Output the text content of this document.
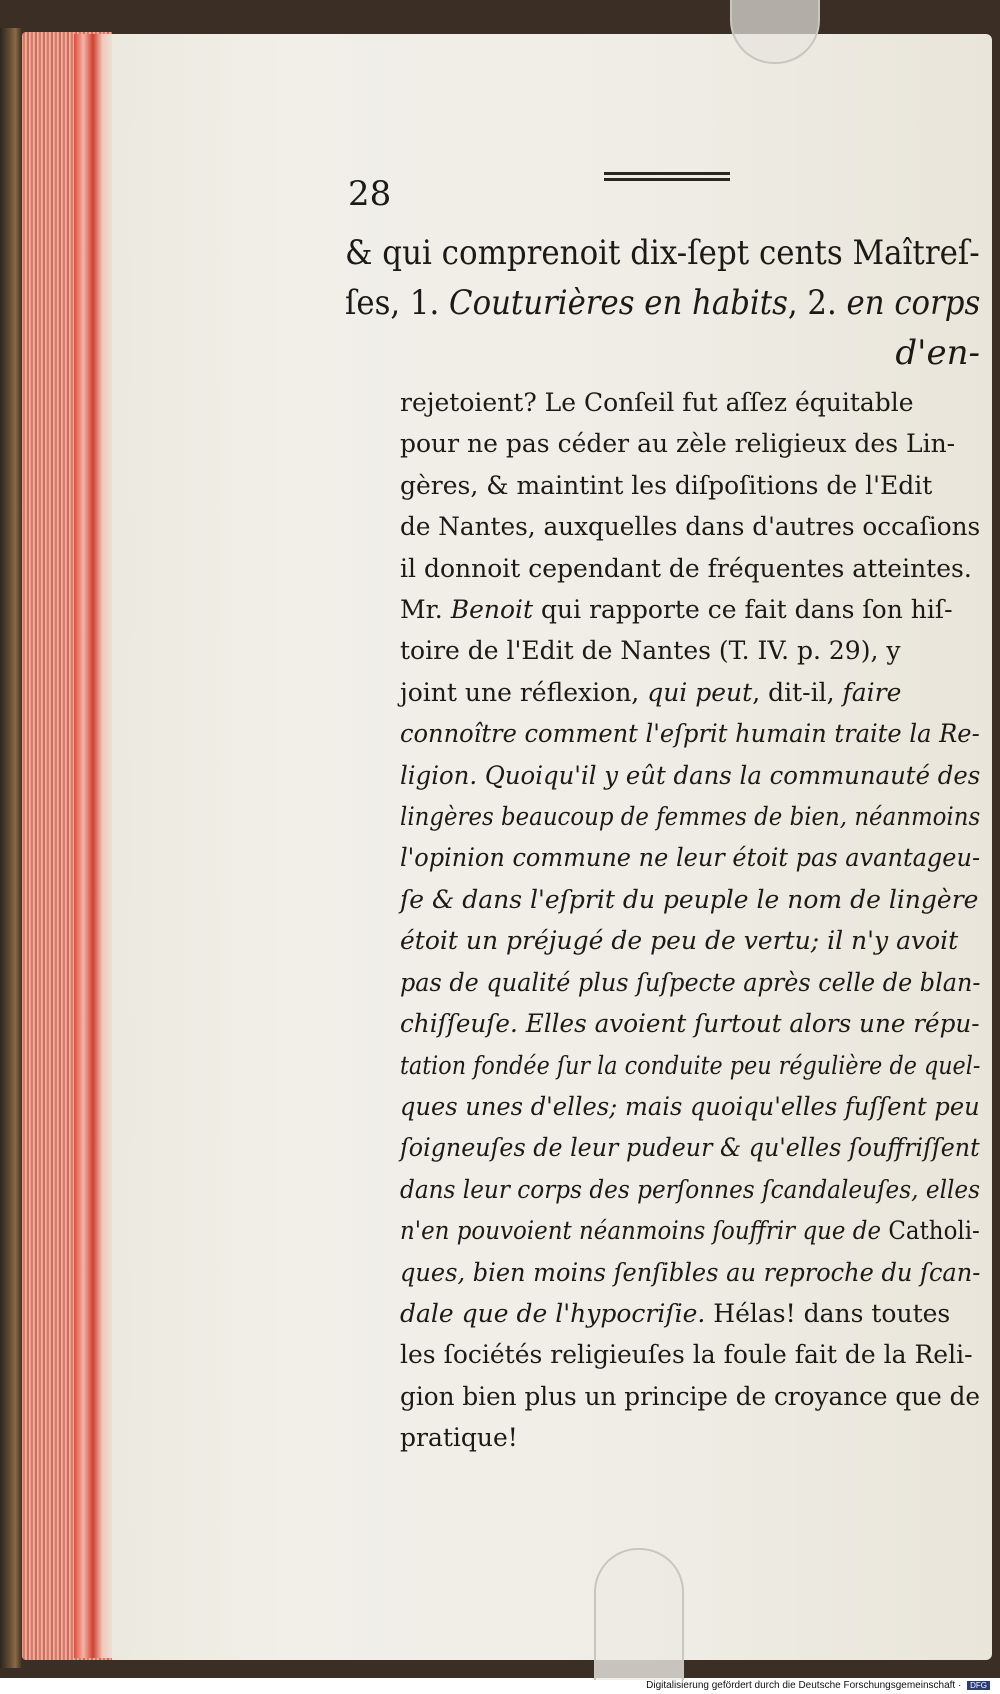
28
& qui comprenoit dix-ſept cents Maîtreſ-
ſes, 1. Couturières en habits, 2. en corps
d'en-
rejetoient? Le Conſeil fut aſſez équitable
pour ne pas céder au zèle religieux des Lin-
gères, & maintint les diſpoſitions de l'Edit
de Nantes, auxquelles dans d'autres occaſions
il donnoit cependant de fréquentes atteintes.
Mr. Benoit qui rapporte ce fait dans ſon hiſ-
toire de l'Edit de Nantes (T. IV. p. 29), y
joint une réflexion, qui peut, dit-il, faire
connoître comment l'eſprit humain traite la Re-
ligion. Quoiqu'il y eût dans la communauté des
lingères beaucoup de femmes de bien, néanmoins
l'opinion commune ne leur étoit pas avantageu-
ſe & dans l'eſprit du peuple le nom de lingère
étoit un préjugé de peu de vertu; il n'y avoit
pas de qualité plus ſuſpecte après celle de blan-
chiſſeuſe. Elles avoient ſurtout alors une répu-
tation fondée ſur la conduite peu régulière de quel-
ques unes d'elles; mais quoiqu'elles fuſſent peu
ſoigneuſes de leur pudeur & qu'elles ſouffriſſent
dans leur corps des perſonnes ſcandaleuſes, elles
n'en pouvoient néanmoins ſouffrir que de Catholi-
ques, bien moins ſenſibles au reproche du ſcan-
dale que de l'hypocriſie. Hélas! dans toutes
les ſociétés religieuſes la foule fait de la Reli-
gion bien plus un principe de croyance que de
pratique!
Digitalisierung gefördert durch die Deutsche Forschungsgemeinschaft · DFG
